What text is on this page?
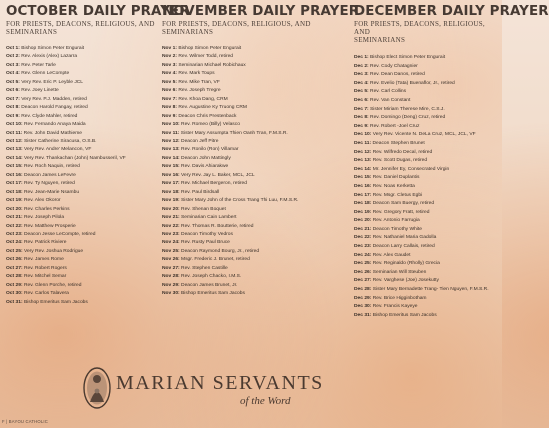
OCTOBER DAILY PRAYER
FOR PRIESTS, DEACONS, RELIGIOUS, AND
SEMINARIANS
Oct 1: Bishop Simon Peter Engurait
Oct 2: Rev. Alexis (Alex) Lazarra
Oct 3: Rev. Peter Tarle
Oct 4: Rev. Glenn LeCompte
Oct 5: Very Rev. Eric P. Leyble JCL
Oct 6: Rev. Joey Linette
Oct 7: Very Rev. P.J. Madden, retired
Oct 8: Deacon Harold Fangay, retired
Oct 9: Rev. Clyde Mahler, retired
Oct 10: Rev. Fernando Anaya Maida
Oct 11: Rev. John David Mathieme
Oct 12: Sister Catherine Siracusa, O.S.B.
Oct 13: Very Rev. Andre' Melancon, VF
Oct 14: Very Rev. Thankachan (John) Nambusseril, VF
Oct 15: Rev. Roch Naquin, retired
Oct 16: Deacon James LeFevre
Oct 17: Rev. Ty Nguyen, retired
Oct 18: Rev. Jean-Marie Nsambu
Oct 19: Rev. Alex Okoror
Oct 20: Rev. Charles Perkins
Oct 21: Rev. Joseph Pilola
Oct 22: Rev. Matthew Prosperie
Oct 23: Deacon Jesse LeCompte, retired
Oct 24: Rev. Patrick Riviere
Oct 25: Very Rev. Joshua Rodrigue
Oct 26: Rev. James Rome
Oct 27: Rev. Robert Rogers
Oct 28: Rev. Mitchel Semar
Oct 29: Rev. Glenn Porche, retired
Oct 30: Rev. Carlos Talavera
Oct 31: Bishop Emeritus Sam Jacobs
NOVEMBER DAILY PRAYER
FOR PRIESTS, DEACONS, RELIGIOUS, AND
SEMINARIANS
Nov 1: Bishop Simon Peter Engurait
Nov 2: Rev. Wilmer Todd, retired
Nov 3: Seminarian Michael Robichaux
Nov 4: Rev. Mark Toups
Nov 5: Rev. Mike Tran, VF
Nov 6: Rev. Joseph Tregre
Nov 7: Rev. Khoa Dang, CRM
Nov 8: Rev. Augustine Ky Truong CRM
Nov 9: Deacon Chris Prestenback
Nov 10: Rev. Romeo (Billy) Velasco
Nov 11: Sister Mary Assumpta Thien Oanh Tran, F.M.S.R.
Nov 12: Deacon Jeff Pitre
Nov 13: Rev. Ronilo (Ron) Villamar
Nov 14: Deacon John Mattingly
Nov 15: Rev. Davis Ahiarakwe
Nov 16: Very Rev. Jay L. Baker, MCL, JCL
Nov 17: Rev. Michael Bergeron, retired
Nov 18: Rev. Paul Birdsall
Nov 19: Sister Mary John of the Cross Trang Thi Luu, F.M.S.R.
Nov 20: Rev. Shenan Boquet
Nov 21: Seminarian Cain Lambert
Nov 22: Rev. Thomas R. Boutterie, retired
Nov 23: Deacon Timothy Vedros
Nov 24: Rev. Rusty Paul Bruce
Nov 25: Deacon Raymond Bourg, Jr., retired
Nov 26: Msgr. Frederic J. Brunet, retired
Nov 27: Rev. Stephen Castille
Nov 28: Rev. Joseph Chacko, I.M.S.
Nov 29: Deacon James Brunet, Jr.
Nov 30: Bishop Emeritus Sam Jacobs
DECEMBER DAILY PRAYER
FOR PRIESTS, DEACONS, RELIGIOUS, AND
SEMINARIANS
Dec 1: Bishop Elect Simon Peter Engurait
Dec 2: Rev. Cody Chatagnier
Dec 3: Rev. Dean Danos, retired
Dec 4: Rev. Evelio (Tata) Buenaflor, Jr., retired
Dec 5: Rev. Carl Collins
Dec 6: Rev. Van Constant
Dec 7: Sister Miriam Therese Mire, C.S.J.
Dec 8: Rev. Domingo (Deng) Cruz, retired
Dec 9: Rev. Robert -Joel Cruz
Dec 10: Very Rev. Vicente N. DeLa Cruz, MCL, JCL, VF
Dec 11: Deacon Stephen Brunet
Dec 12: Rev. Wilfredo Decal, retired
Dec 13: Rev. Scott Dugas, retired
Dec 14: Mr. Jennifer Ey, Consecrated Virgin
Dec 15: Rev. Daniel Duplantis
Dec 16: Rev. Noas Kerketta
Dec 17: Rev. Msgr. Cletus Egbi
Dec 18: Deacon Sam Buergy, retired
Dec 19: Rev. Gregory Fratt, retired
Dec 20: Rev. Antonio Farrugia
Dec 21: Deacon Timothy White
Dec 22: Rev. Nathaniel Maria Gadolla
Dec 23: Deacon Larry Callais, retired
Dec 24: Rev. Alex Gaudet
Dec 25: Rev. Reginaldo (Rholly) Grecia
Dec 26: Seminarian Will Steuben
Dec 27: Rev. Varghese (Joe) Josekutty
Dec 28: Sister Mary Bernadette Trang- Tien Nguyen, F.M.S.R.
Dec 29: Rev. Brice Higginbotham
Dec 30: Rev. Francis Kayeye
Dec 31: Bishop Emeritus Sam Jacobs
MARIAN SERVANTS
of the Word
F | BAYOU CATHOLIC
